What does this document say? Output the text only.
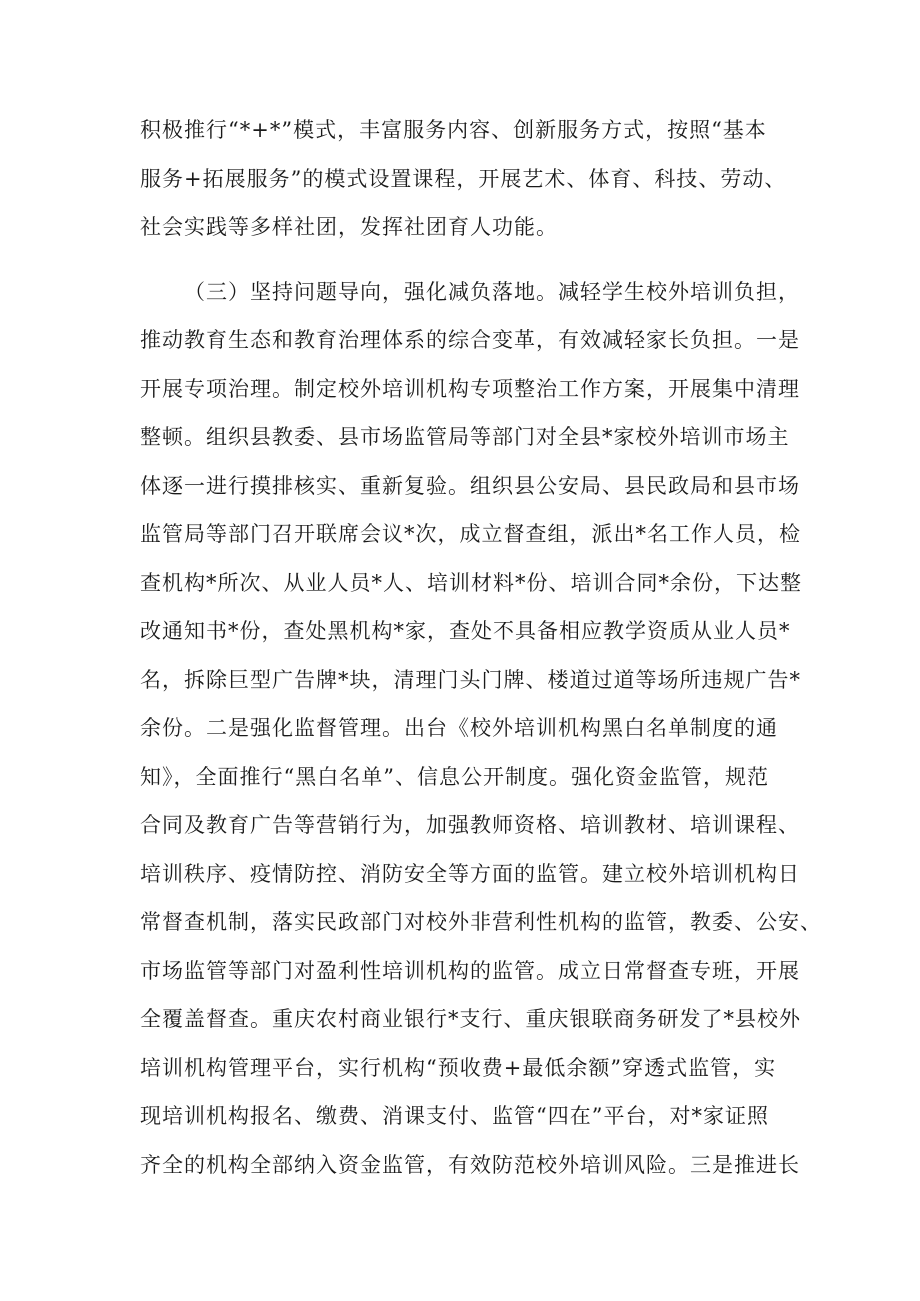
积极推行“*+*”模式，丰富服务内容、创新服务方式，按照“基本
服务+拓展服务”的模式设置课程，开展艺术、体育、科技、劳动、
社会实践等多样社团，发挥社团育人功能。
（三）坚持问题导向，强化减负落地。减轻学生校外培训负担，
推动教育生态和教育治理体系的综合变革，有效减轻家长负担。一是
开展专项治理。制定校外培训机构专项整治工作方案，开展集中清理
整顿。组织县教委、县市场监管局等部门对全县*家校外培训市场主
体逐一进行摸排核实、重新复验。组织县公安局、县民政局和县市场
监管局等部门召开联席会议*次，成立督查组，派出*名工作人员，检
查机构*所次、从业人员*人、培训材料*份、培训合同*余份，下达整
改通知书*份，查处黑机构*家，查处不具备相应教学资质从业人员*
名，拆除巨型广告牌*块，清理门头门牌、楼道过道等场所违规广告*
余份。二是强化监督管理。出台《校外培训机构黑白名单制度的通
知》，全面推行“黑白名单”、信息公开制度。强化资金监管，规范
合同及教育广告等营销行为，加强教师资格、培训教材、培训课程、
培训秩序、疫情防控、消防安全等方面的监管。建立校外培训机构日
常督查机制，落实民政部门对校外非营利性机构的监管，教委、公安、
市场监管等部门对盈利性培训机构的监管。成立日常督查专班，开展
全覆盖督查。重庆农村商业银行*支行、重庆银联商务研发了*县校外
培训机构管理平台，实行机构“预收费+最低余额”穿透式监管，实
现培训机构报名、缴费、消课支付、监管“四在”平台，对*家证照
齐全的机构全部纳入资金监管，有效防范校外培训风险。三是推进长
